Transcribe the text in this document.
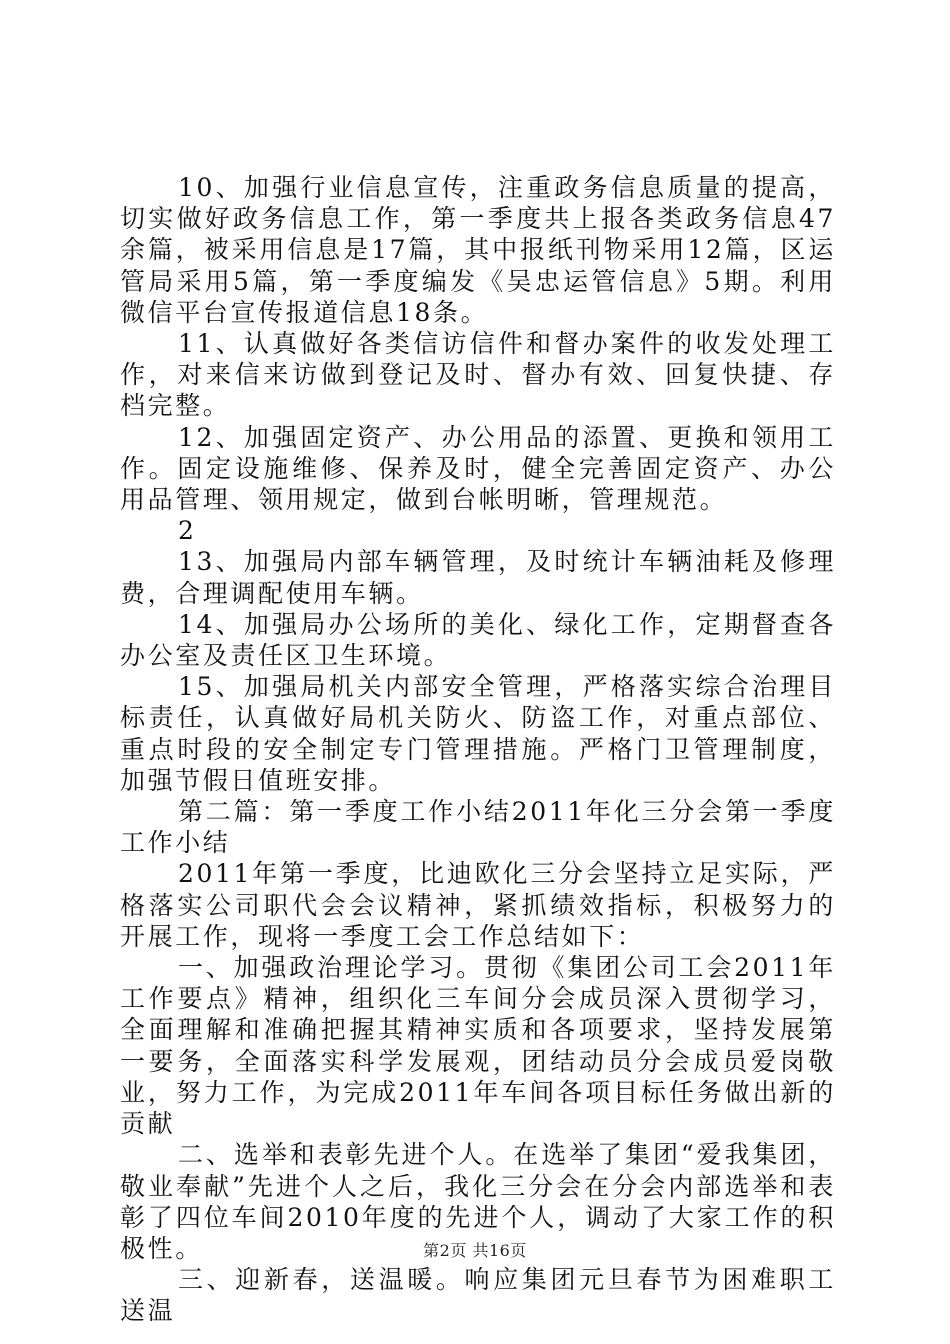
10、加强行业信息宣传，注重政务信息质量的提高，切实做好政务信息工作，第一季度共上报各类政务信息47余篇，被采用信息是17篇，其中报纸刊物采用12篇，区运管局采用5篇，第一季度编发《吴忠运管信息》5期。利用微信平台宣传报道信息18条。

11、认真做好各类信访信件和督办案件的收发处理工作，对来信来访做到登记及时、督办有效、回复快捷、存档完整。

12、加强固定资产、办公用品的添置、更换和领用工作。固定设施维修、保养及时，健全完善固定资产、办公用品管理、领用规定，做到台帐明晰，管理规范。

2

13、加强局内部车辆管理，及时统计车辆油耗及修理费，合理调配使用车辆。

14、加强局办公场所的美化、绿化工作，定期督查各办公室及责任区卫生环境。

15、加强局机关内部安全管理，严格落实综合治理目标责任，认真做好局机关防火、防盗工作，对重点部位、重点时段的安全制定专门管理措施。严格门卫管理制度，加强节假日值班安排。

第二篇：第一季度工作小结2011年化三分会第一季度工作小结

2011年第一季度，比迪欧化三分会坚持立足实际，严格落实公司职代会会议精神，紧抓绩效指标，积极努力的开展工作，现将一季度工会工作总结如下：

一、加强政治理论学习。贯彻《集团公司工会2011年工作要点》精神，组织化三车间分会成员深入贯彻学习，全面理解和准确把握其精神实质和各项要求，坚持发展第一要务，全面落实科学发展观，团结动员分会成员爱岗敬业，努力工作，为完成2011年车间各项目标任务做出新的贡献

二、选举和表彰先进个人。在选举了集团“爱我集团，敬业奉献”先进个人之后，我化三分会在分会内部选举和表彰了四位车间2010年度的先进个人，调动了大家工作的积极性。

三、迎新春，送温暖。响应集团元旦春节为困难职工送温

第2页 共16页
